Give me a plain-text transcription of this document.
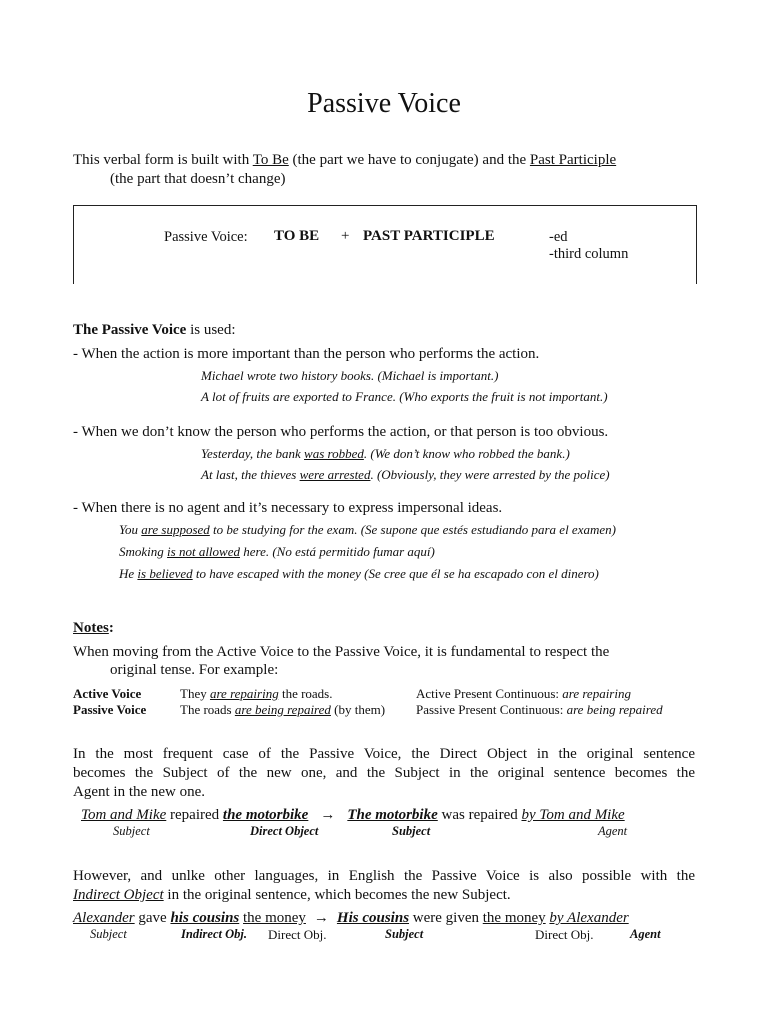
Passive Voice
This verbal form is built with To Be (the part we have to conjugate) and the Past Participle
(the part that doesn’t change)
Passive Voice: TO BE + PAST PARTICIPLE	-ed
-third column
The Passive Voice is used:
- When the action is more important than the person who performs the action.
Michael wrote two history books. (Michael is important.)
A lot of fruits are exported to France. (Who exports the fruit is not important.)
- When we don’t know the person who performs the action, or that person is too obvious.
Yesterday, the bank was robbed. (We don’t know who robbed the bank.)
At last, the thieves were arrested. (Obviously, they were arrested by the police)
- When there is no agent and it’s necessary to express impersonal ideas.
You are supposed to be studying for the exam. (Se supone que estés estudiando para el examen)
Smoking is not allowed here. (No está permitido fumar aquí)
He is believed to have escaped with the money (Se cree que él se ha escapado con el dinero)
Notes:
When moving from the Active Voice to the Passive Voice, it is fundamental to respect the
original tense. For example:
Active Voice	They are repairing the roads.	Active Present Continuous: are repairing
Passive Voice	The roads are being repaired (by them) Passive Present Continuous: are being repaired
In the most frequent case of the Passive Voice, the Direct Object in the original sentence
becomes the Subject of the new one, and the Subject in the original sentence becomes the
Agent in the new one.
Tom and Mike repaired the motorbike → The motorbike was repaired by Tom and Mike
Subject	Direct Object	Subject	Agent
However, and unlke other languages, in English the Passive Voice is also possible with the
Indirect Object in the original sentence, which becomes the new Subject.
Alexander gave his cousins the money → His cousins were given the money by Alexander
Subject	Indirect Obj. Direct Obj.	Subject	Direct Obj.	Agent
